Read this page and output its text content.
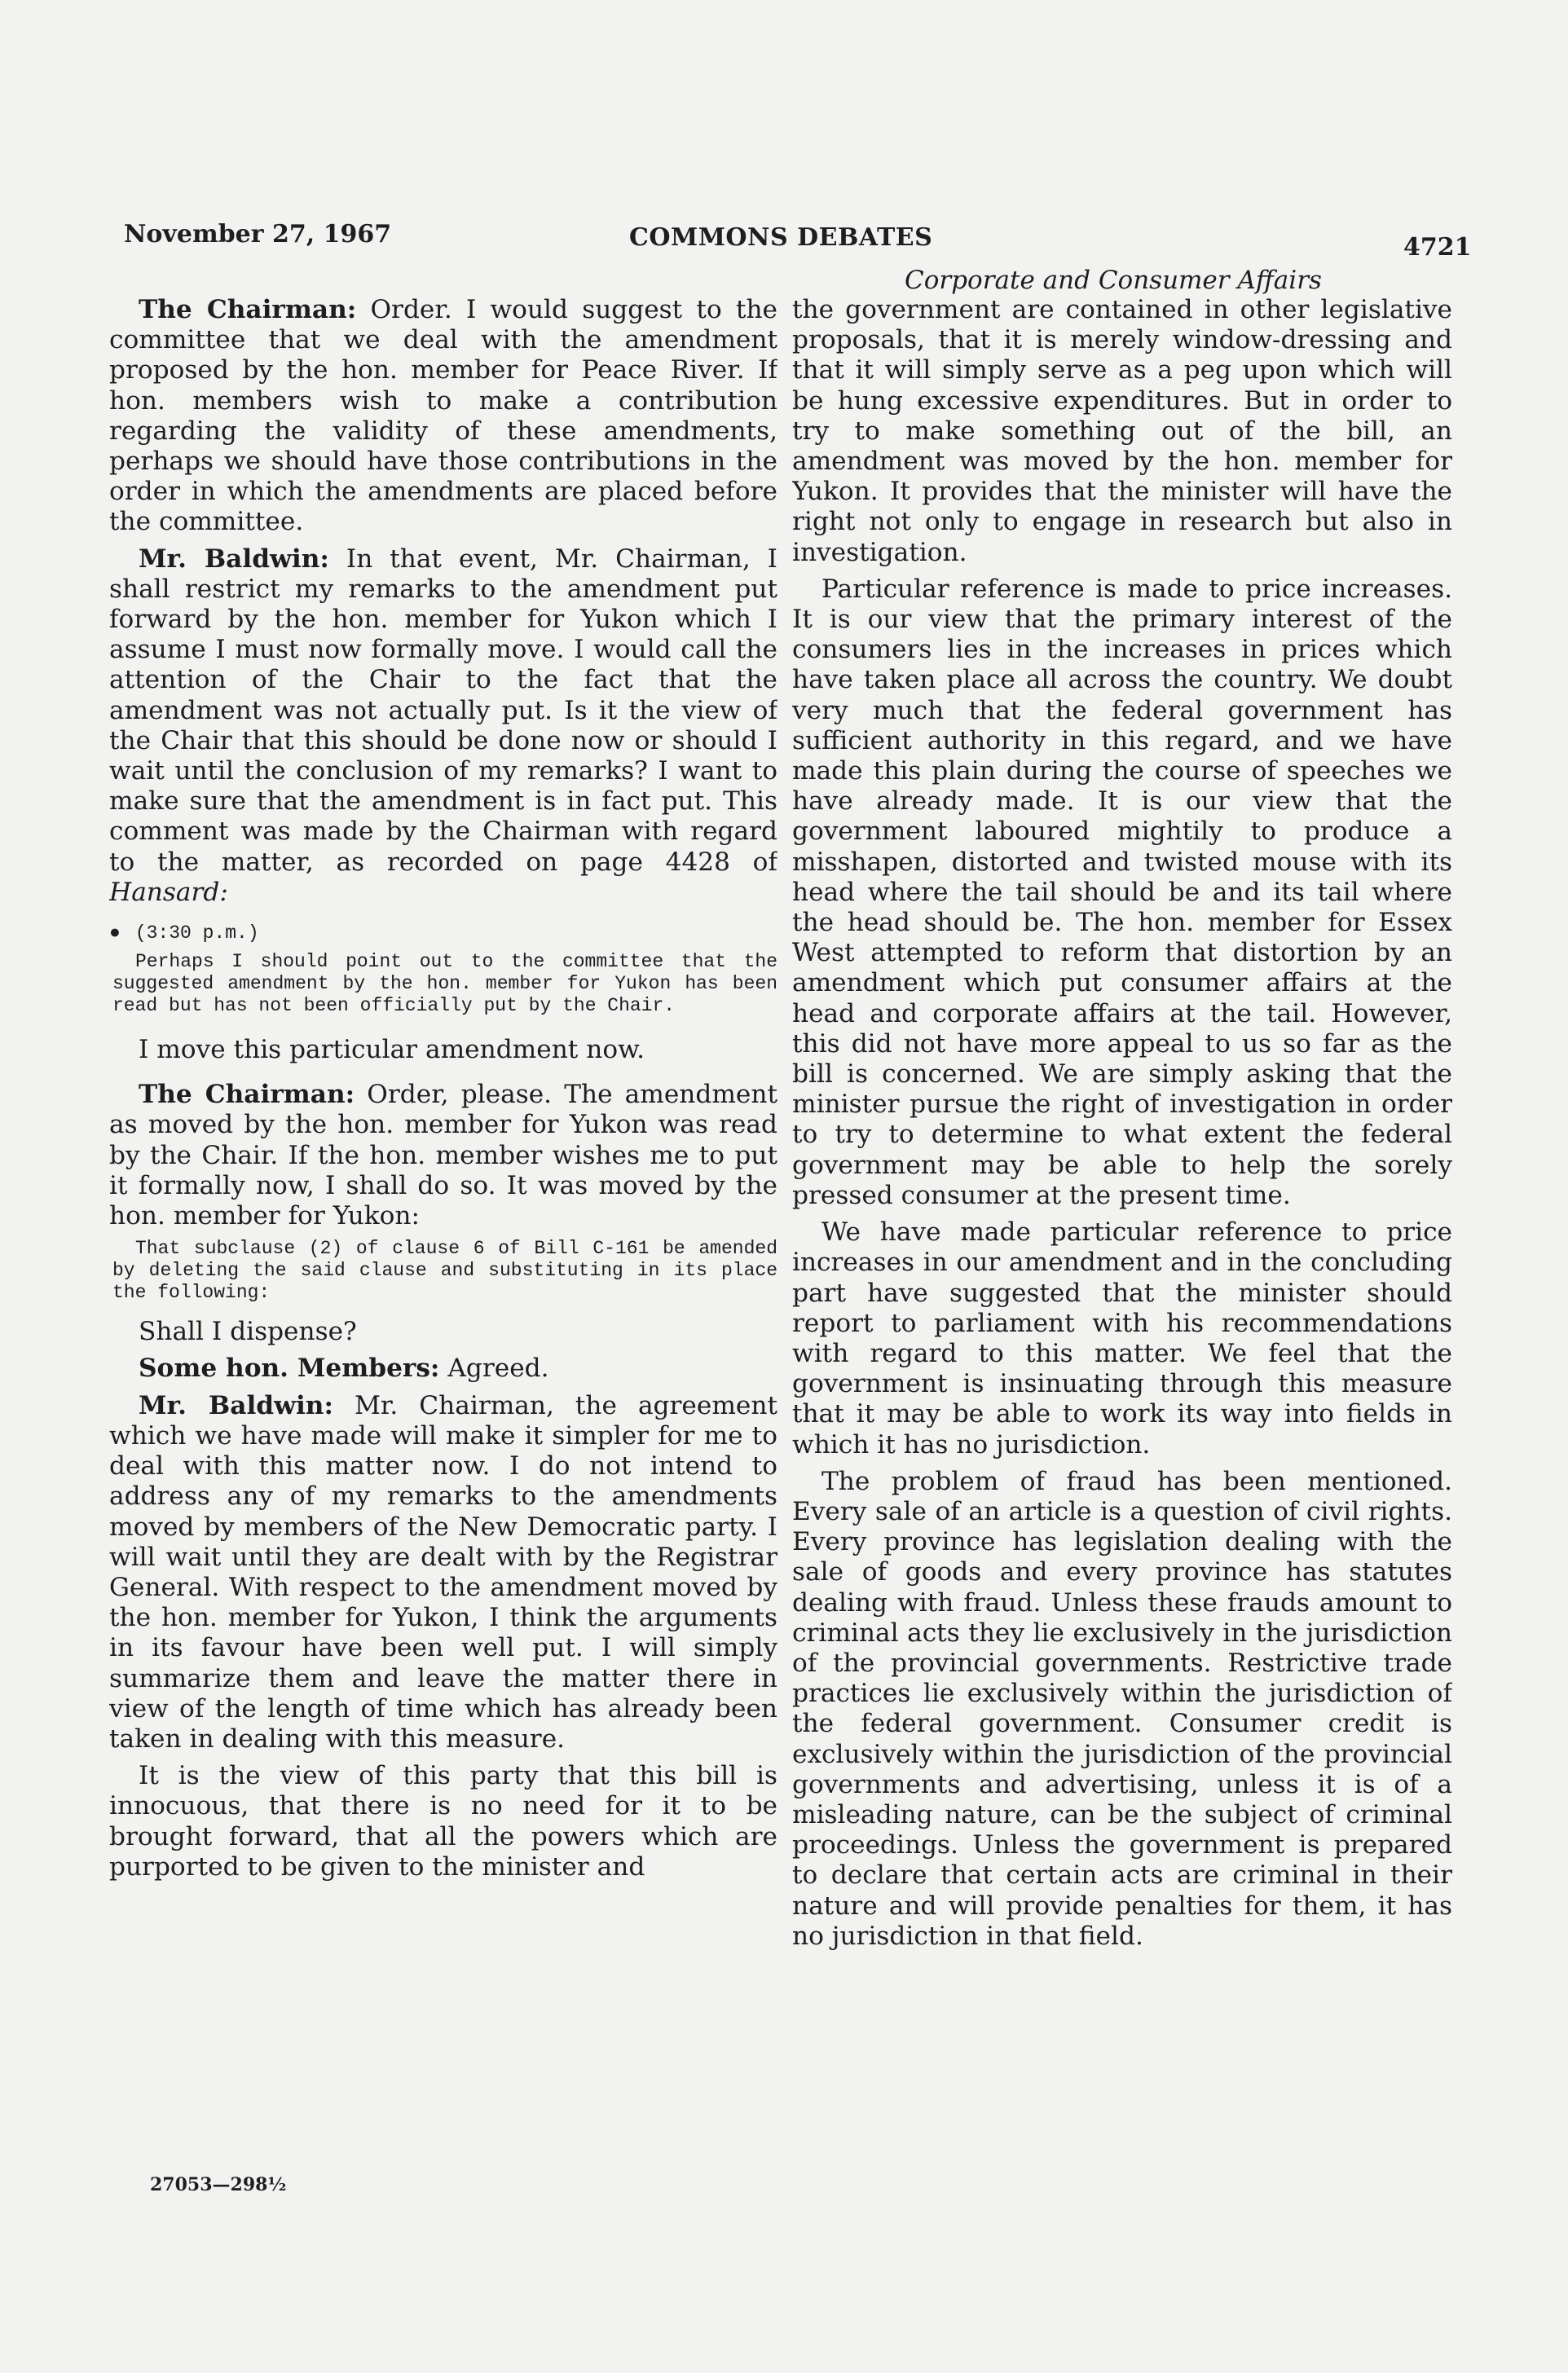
November 27, 1967	COMMONS DEBATES	4721
Corporate and Consumer Affairs

The Chairman: Order. I would suggest to the committee that we deal with the amendment proposed by the hon. member for Peace River. If hon. members wish to make a contribution regarding the validity of these amendments, perhaps we should have those contributions in the order in which the amendments are placed before the committee.

Mr. Baldwin: In that event, Mr. Chairman, I shall restrict my remarks to the amendment put forward by the hon. member for Yukon which I assume I must now formally move. I would call the attention of the Chair to the fact that the amendment was not actually put. Is it the view of the Chair that this should be done now or should I wait until the conclusion of my remarks? I want to make sure that the amendment is in fact put. This comment was made by the Chairman with regard to the matter, as recorded on page 4428 of Hansard:

● (3:30 p.m.)

Perhaps I should point out to the committee that the suggested amendment by the hon. member for Yukon has been read but has not been officially put by the Chair.

I move this particular amendment now.

The Chairman: Order, please. The amendment as moved by the hon. member for Yukon was read by the Chair. If the hon. member wishes me to put it formally now, I shall do so. It was moved by the hon. member for Yukon:

That subclause (2) of clause 6 of Bill C-161 be amended by deleting the said clause and substituting in its place the following:

Shall I dispense?

Some hon. Members: Agreed.

Mr. Baldwin: Mr. Chairman, the agreement which we have made will make it simpler for me to deal with this matter now. I do not intend to address any of my remarks to the amendments moved by members of the New Democratic party. I will wait until they are dealt with by the Registrar General. With respect to the amendment moved by the hon. member for Yukon, I think the arguments in its favour have been well put. I will simply summarize them and leave the matter there in view of the length of time which has already been taken in dealing with this measure.

It is the view of this party that this bill is innocuous, that there is no need for it to be brought forward, that all the powers which are purported to be given to the minister and

the government are contained in other legislative proposals, that it is merely window-dressing and that it will simply serve as a peg upon which will be hung excessive expenditures. But in order to try to make something out of the bill, an amendment was moved by the hon. member for Yukon. It provides that the minister will have the right not only to engage in research but also in investigation.

Particular reference is made to price increases. It is our view that the primary interest of the consumers lies in the increases in prices which have taken place all across the country. We doubt very much that the federal government has sufficient authority in this regard, and we have made this plain during the course of speeches we have already made. It is our view that the government laboured mightily to produce a misshapen, distorted and twisted mouse with its head where the tail should be and its tail where the head should be. The hon. member for Essex West attempted to reform that distortion by an amendment which put consumer affairs at the head and corporate affairs at the tail. However, this did not have more appeal to us so far as the bill is concerned. We are simply asking that the minister pursue the right of investigation in order to try to determine to what extent the federal government may be able to help the sorely pressed consumer at the present time.

We have made particular reference to price increases in our amendment and in the concluding part have suggested that the minister should report to parliament with his recommendations with regard to this matter. We feel that the government is insinuating through this measure that it may be able to work its way into fields in which it has no jurisdiction.

The problem of fraud has been mentioned. Every sale of an article is a question of civil rights. Every province has legislation dealing with the sale of goods and every province has statutes dealing with fraud. Unless these frauds amount to criminal acts they lie exclusively in the jurisdiction of the provincial governments. Restrictive trade practices lie exclusively within the jurisdiction of the federal government. Consumer credit is exclusively within the jurisdiction of the provincial governments and advertising, unless it is of a misleading nature, can be the subject of criminal proceedings. Unless the government is prepared to declare that certain acts are criminal in their nature and will provide penalties for them, it has no jurisdiction in that field.

27053—298½
